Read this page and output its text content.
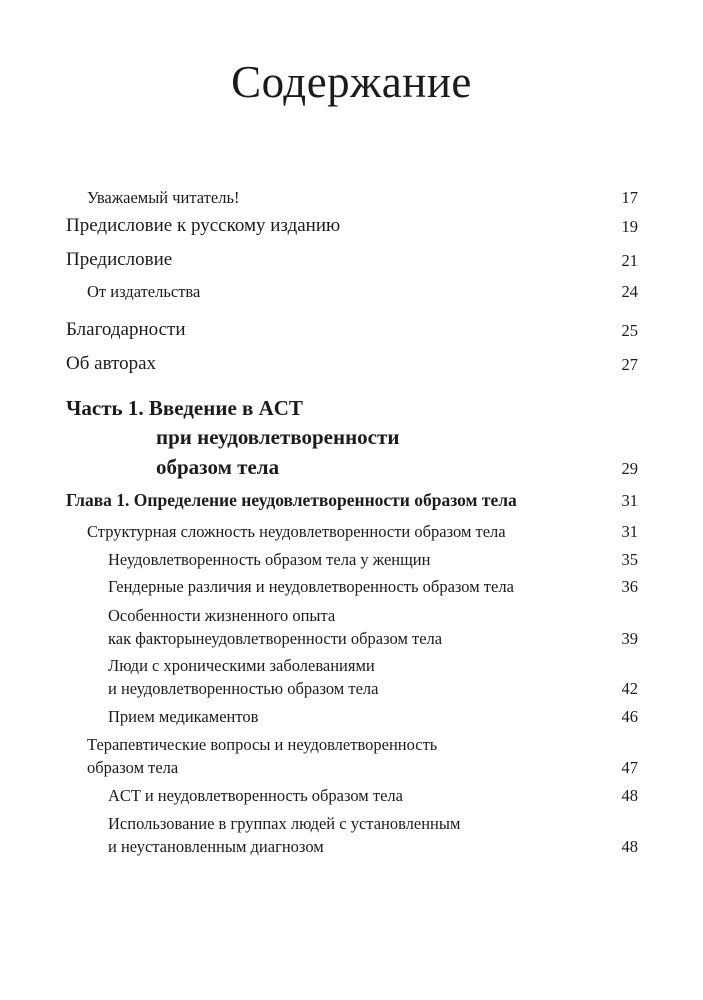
Содержание
Уважаемый читатель!	17
Предисловие к русскому изданию	19
Предисловие	21
От издательства	24
Благодарности	25
Об авторах	27
Часть 1. Введение в ACT
при неудовлетворенности
образом тела	29
Глава 1. Определение неудовлетворенности образом тела	31
Структурная сложность неудовлетворенности образом тела	31
Неудовлетворенность образом тела у женщин	35
Гендерные различия и неудовлетворенность образом тела	36
Особенности жизненного опыта
как факторынеудовлетворенности образом тела	39
Люди с хроническими заболеваниями
и неудовлетворенностью образом тела	42
Прием медикаментов	46
Терапевтические вопросы и неудовлетворенность
образом тела	47
ACT и неудовлетворенность образом тела	48
Использование в группах людей с установленным
и неустановленным диагнозом	48
